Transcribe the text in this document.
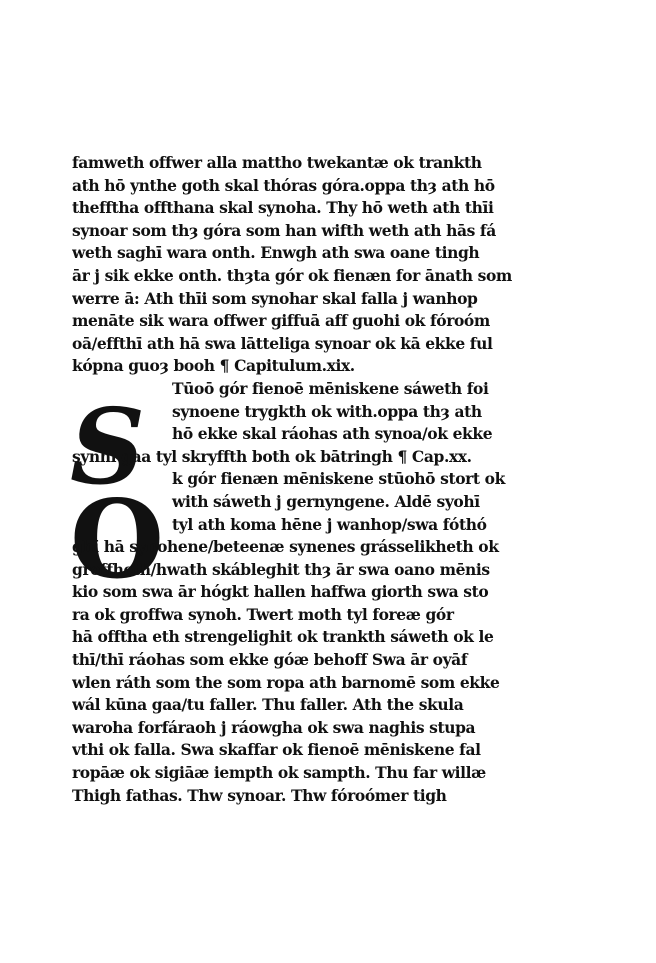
S
O
famweth offwer alla mattho twekantæ ok trankth
ath hō ynthe goth skal thóras góra.oppa thȝ ath hō
thefftha offthana skal synoha. Thy hō weth ath thīi
synoar som thȝ góra som han wifth weth ath hās fá
weth saghī wara onth. Enwgh ath swa oane tingh
ār j sik ekke onth. thȝta gór ok fienæn for ānath som
werre ā: Ath thīi som synohar skal falla j wanhop
menāte sik wara offwer giffuā aff guohi ok fóroóm
oā/effthī ath hā swa lātteliga synoar ok kā ekke ful
kópna guoȝ booh ¶ Capitulum.xix.
Tūoō gór fienoē mēniskene sáweth foi
synoene trygkth ok with.oppa thȝ ath
hō ekke skal ráohas ath synoa/ok ekke
synhī gaa tyl skryffth both ok bātringh ¶ Cap.xx.
k gór fienæn mēniskene stūohō stort ok
with sáweth j gernyngene. Aldē syohī
tyl ath koma hēne j wanhop/swa fóthó
ghī hā synohene/beteenæ synenes grásselikheth ok
groffheth/hwath skábleghit thȝ ār swa oano mēnis
kio som swa ār hógkt hallen haffwa giorth swa sto
ra ok groffwa synoh. Twert moth tyl foreæ gór
hā offtha eth strengelighit ok trankth sáweth ok le
thī/thī ráohas som ekke góæ behoff Swa ār oyāf
wlen ráth som the som ropa ath barnomē som ekke
wál kūna gaa/tu faller. Thu faller. Ath the skula
waroha forfáraoh j ráowgha ok swa naghis stupa
vthi ok falla. Swa skaffar ok fienoē mēniskene fal
ropāæ ok sigiāæ iempth ok sampth. Thu far willæ
Thigh fathas. Thw synoar. Thw fóroómer tigh
